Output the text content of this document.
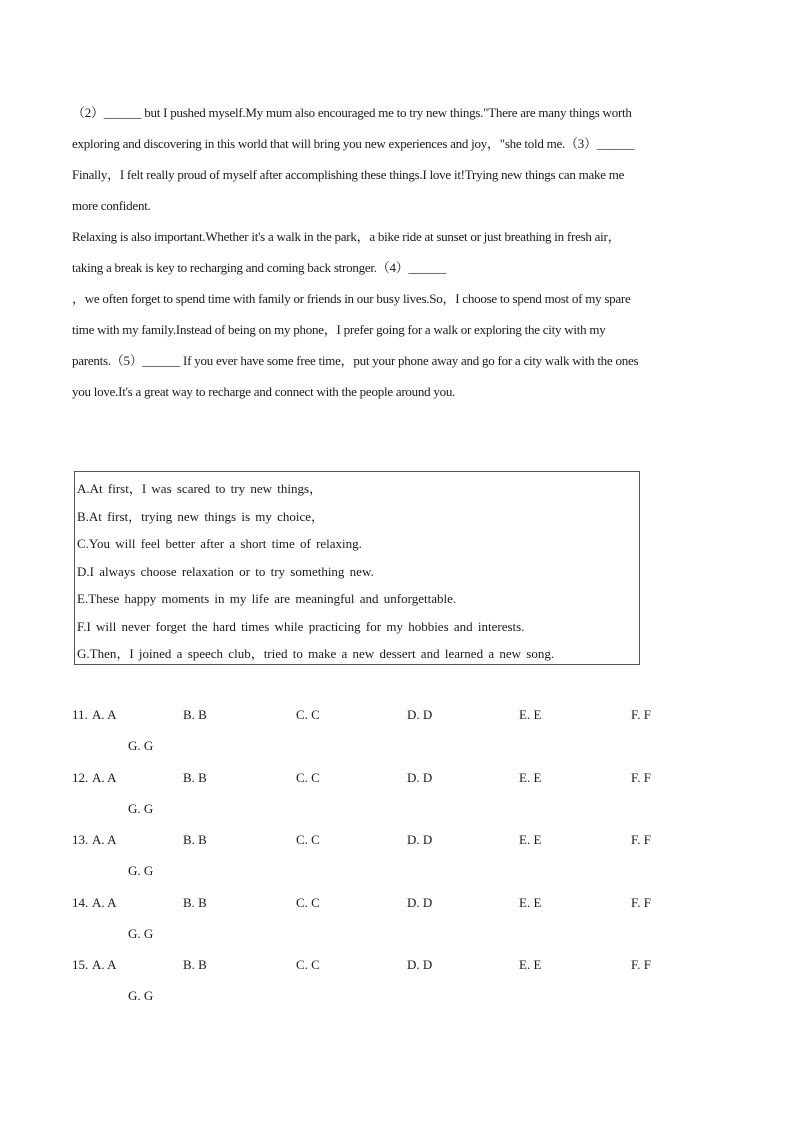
（2）______ but I pushed myself.My mum also encouraged me to try new things."There are many things worth

exploring and discovering in this world that will bring you new experiences and joy，"she told me.（3）______

Finally，I felt really proud of myself after accomplishing these things.I love it!Trying new things can make me

more confident.

Relaxing is also important.Whether it's a walk in the park，a bike ride at sunset or just breathing in fresh air，

taking a break is key to recharging and coming back stronger.（4）______

，we often forget to spend time with family or friends in our busy lives.So，I choose to spend most of my spare

time with my family.Instead of being on my phone，I prefer going for a walk or exploring the city with my

parents.（5）______ If you ever have some free time，put your phone away and go for a city walk with the ones

you love.It's a great way to recharge and connect with the people around you.

A.At first，I was scared to try new things，
B.At first，trying new things is my choice，
C.You will feel better after a short time of relaxing.
D.I always choose relaxation or to try something new.
E.These happy moments in my life are meaningful and unforgettable.
F.I will never forget the hard times while practicing for my hobbies and interests.
G.Then，I joined a speech club，tried to make a new dessert and learned a new song.
11. A. A	B. B	C. C	D. D	E. E	F. F
G. G
12. A. A	B. B	C. C	D. D	E. E	F. F
G. G
13. A. A	B. B	C. C	D. D	E. E	F. F
G. G
14. A. A	B. B	C. C	D. D	E. E	F. F
G. G
15. A. A	B. B	C. C	D. D	E. E	F. F
G. G
